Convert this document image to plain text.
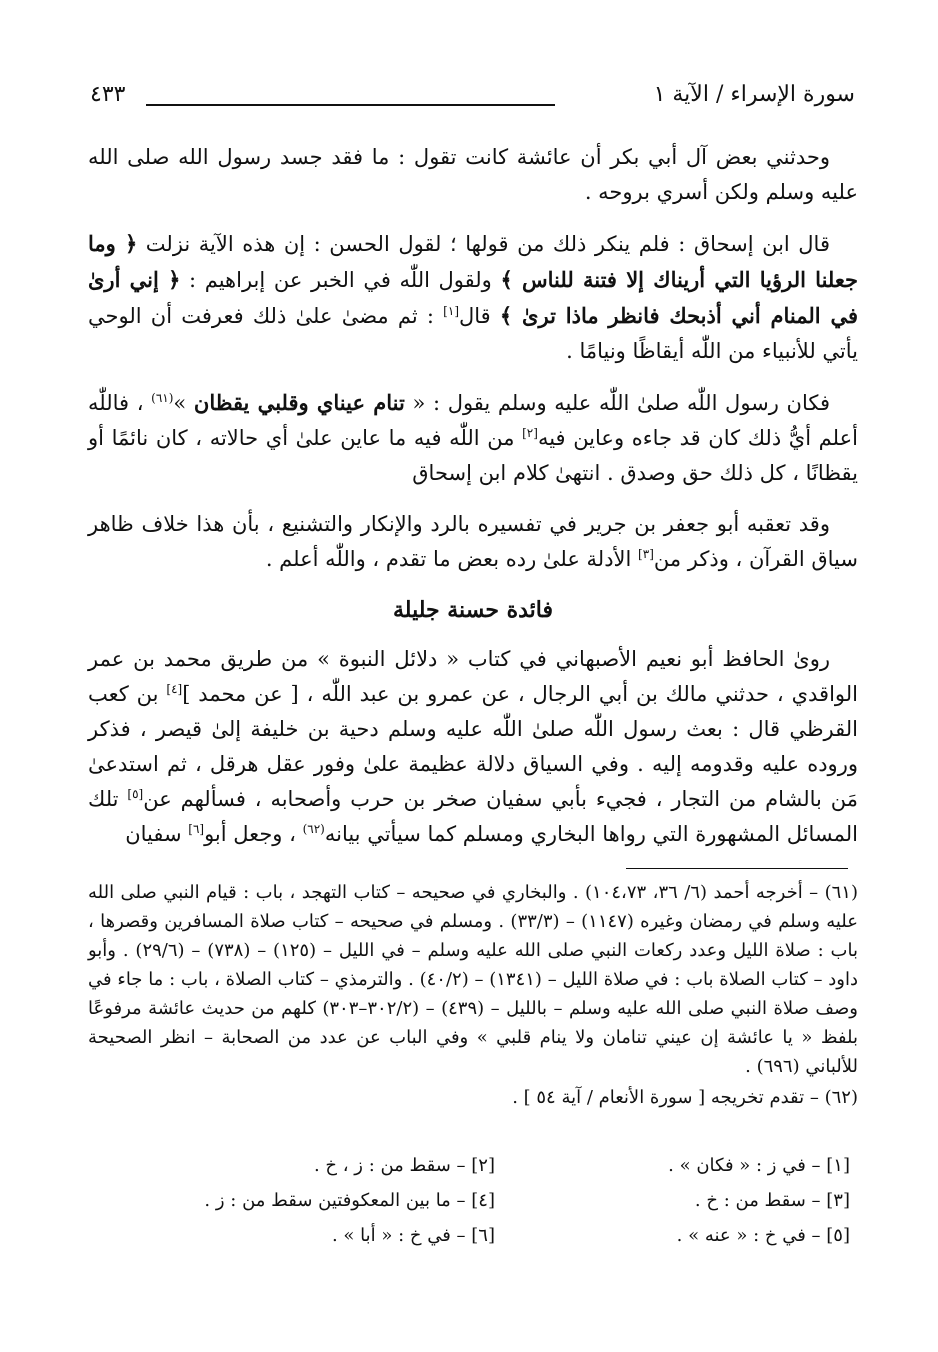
سورة الإسراء / الآية ١
٤٣٣

وحدثني بعض آل أبي بكر أن عائشة كانت تقول : ما فقد جسد رسول الله صلى الله عليه وسلم ولكن أسري بروحه .

قال ابن إسحاق : فلم ينكر ذلك من قولها ؛ لقول الحسن : إن هذه الآية نزلت ﴿ وما جعلنا الرؤيا التي أريناك إلا فتنة للناس ﴾ ولقول اللّٰه في الخبر عن إبراهيم : ﴿ إني أرىٰ في المنام أني أذبحك فانظر ماذا ترىٰ ﴾ قال[١] : ثم مضىٰ علىٰ ذلك فعرفت أن الوحي يأتي للأنبياء من اللّٰه أيقاظًا ونيامًا .

فكان رسول اللّٰه صلىٰ اللّٰه عليه وسلم يقول : « تنام عيناي وقلبي يقظان »$^{(٦١)}$ ، فاللّٰه أعلم أيُّ ذلك كان قد جاءه وعاين فيه[٢] من اللّٰه فيه ما عاين علىٰ أي حالاته ، كان نائمًا أو يقظانًا ، كل ذلك حق وصدق . انتهىٰ كلام ابن إسحاق

وقد تعقبه أبو جعفر بن جرير في تفسيره بالرد والإنكار والتشنيع ، بأن هذا خلاف ظاهر سياق القرآن ، وذكر من[٣] الأدلة علىٰ رده بعض ما تقدم ، واللّٰه أعلم .

فائدة حسنة جليلة

روىٰ الحافظ أبو نعيم الأصبهاني في كتاب « دلائل النبوة » من طريق محمد بن عمر الواقدي ، حدثني مالك بن أبي الرجال ، عن عمرو بن عبد اللّٰه ، [ عن محمد ][٤] بن كعب القرظي قال : بعث رسول اللّٰه صلىٰ اللّٰه عليه وسلم دحية بن خليفة إلىٰ قيصر ، فذكر وروده عليه وقدومه إليه . وفي السياق دلالة عظيمة علىٰ وفور عقل هرقل ، ثم استدعىٰ مَن بالشام من التجار ، فجيء بأبي سفيان صخر بن حرب وأصحابه ، فسألهم عن[٥] تلك المسائل المشهورة التي رواها البخاري ومسلم كما سيأتي بيانه$^{(٦٢)}$ ، وجعل أبو[٦] سفيان

(٦١) – أخرجه أحمد (٦/ ٣٦، ١٠٤،٧٣) . والبخاري في صحيحه – كتاب التهجد ، باب : قيام النبي صلى الله عليه وسلم في رمضان وغيره (١١٤٧) – (٣٣/٣) . ومسلم في صحيحه – كتاب صلاة المسافرين وقصرها ، باب : صلاة الليل وعدد ركعات النبي صلى الله عليه وسلم – في الليل – (١٢٥) – (٧٣٨) – (٢٩/٦) . وأبو داود – كتاب الصلاة باب : في صلاة الليل – (١٣٤١) – (٤٠/٢) . والترمذي – كتاب الصلاة ، باب : ما جاء في وصف صلاة النبي صلى الله عليه وسلم – بالليل – (٤٣٩) – (٣٠٢/٢–٣٠٣) كلهم من حديث عائشة مرفوعًا بلفظ « يا عائشة إن عيني تنامان ولا ينام قلبي » وفي الباب عن عدد من الصحابة – انظر الصحيحة للألباني (٦٩٦) .

(٦٢) – تقدم تخريجه [ سورة الأنعام / آية ٥٤ ] .

[١] – في ز : « فكان » .
[٢] – سقط من : ز ، خ .
[٣] – سقط من : خ .
[٤] – ما بين المعكوفتين سقط من : ز .
[٥] – في خ : « عنه » .
[٦] – في خ : « أبا » .
